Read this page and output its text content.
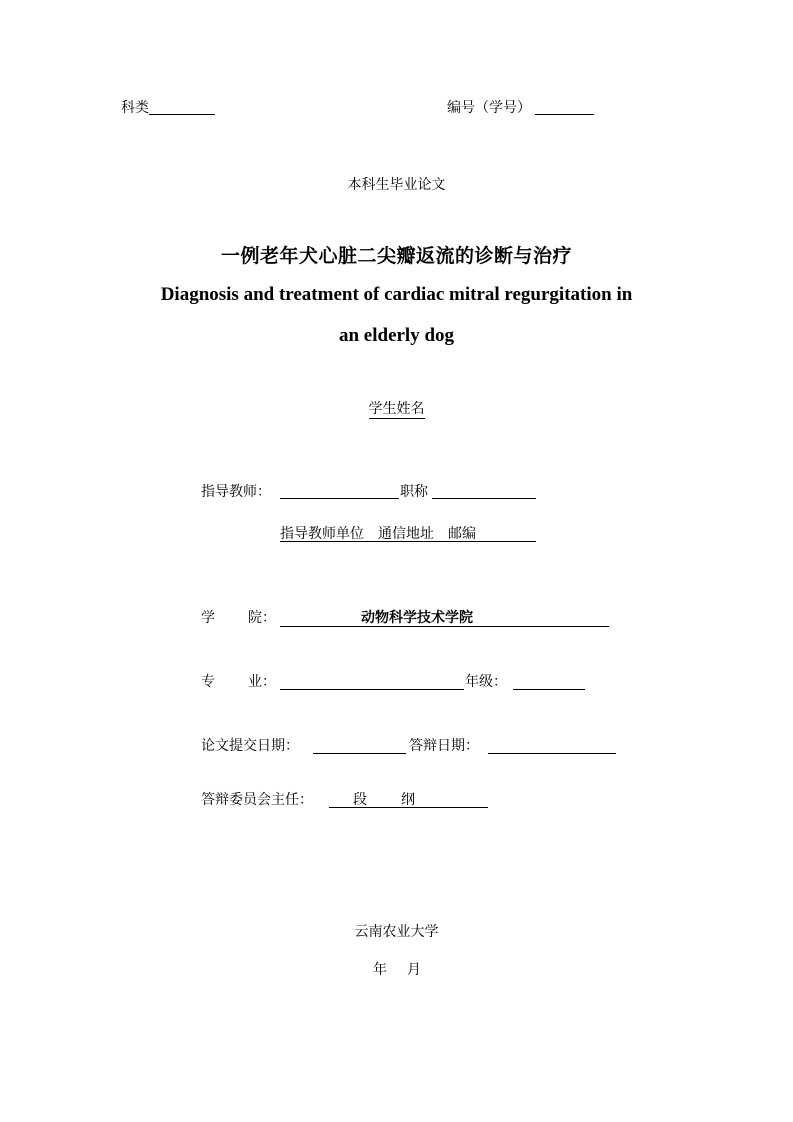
科类	编号（学号）
本科生毕业论文
一例老年犬心脏二尖瓣返流的诊断与治疗
Diagnosis and treatment of cardiac mitral regurgitation in
an elderly dog
学生姓名
指导教师：	职称
指导教师单位　通信地址　邮编
学 院：	动物科学技术学院
专 业：	年级：
论文提交日期：	答辩日期：
答辩委员会主任：	段 纲
云南农业大学
年 月
